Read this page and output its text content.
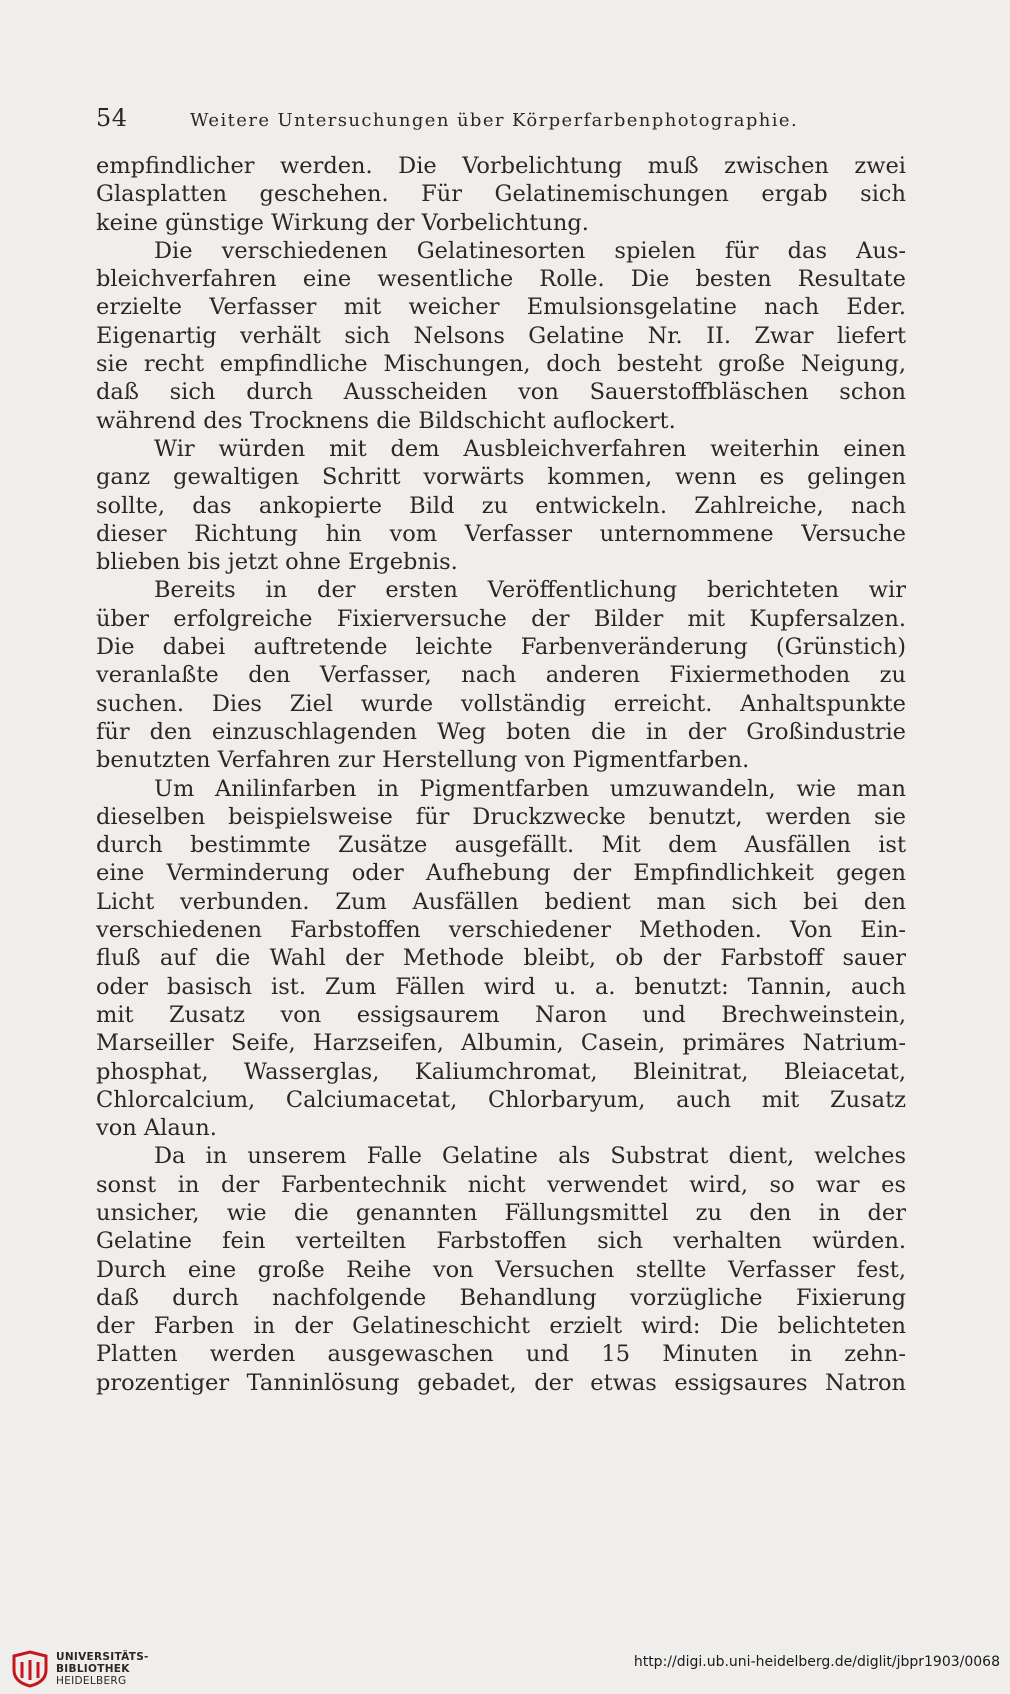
54	Weitere Untersuchungen über Körperfarbenphotographie.
empfindlicher werden. Die Vorbelichtung muß zwischen zwei
Glasplatten geschehen. Für Gelatinemischungen ergab sich
keine günstige Wirkung der Vorbelichtung.
Die verschiedenen Gelatinesorten spielen für das Aus-
bleichverfahren eine wesentliche Rolle. Die besten Resultate
erzielte Verfasser mit weicher Emulsionsgelatine nach Eder.
Eigenartig verhält sich Nelsons Gelatine Nr. II. Zwar liefert
sie recht empfindliche Mischungen, doch besteht große Neigung,
daß sich durch Ausscheiden von Sauerstoffbläschen schon
während des Trocknens die Bildschicht auflockert.
Wir würden mit dem Ausbleichverfahren weiterhin einen
ganz gewaltigen Schritt vorwärts kommen, wenn es gelingen
sollte, das ankopierte Bild zu entwickeln. Zahlreiche, nach
dieser Richtung hin vom Verfasser unternommene Versuche
blieben bis jetzt ohne Ergebnis.
Bereits in der ersten Veröffentlichung berichteten wir
über erfolgreiche Fixierversuche der Bilder mit Kupfersalzen.
Die dabei auftretende leichte Farbenveränderung (Grünstich)
veranlaßte den Verfasser, nach anderen Fixiermethoden zu
suchen. Dies Ziel wurde vollständig erreicht. Anhaltspunkte
für den einzuschlagenden Weg boten die in der Großindustrie
benutzten Verfahren zur Herstellung von Pigmentfarben.
Um Anilinfarben in Pigmentfarben umzuwandeln, wie man
dieselben beispielsweise für Druckzwecke benutzt, werden sie
durch bestimmte Zusätze ausgefällt. Mit dem Ausfällen ist
eine Verminderung oder Aufhebung der Empfindlichkeit gegen
Licht verbunden. Zum Ausfällen bedient man sich bei den
verschiedenen Farbstoffen verschiedener Methoden. Von Ein-
fluß auf die Wahl der Methode bleibt, ob der Farbstoff sauer
oder basisch ist. Zum Fällen wird u. a. benutzt: Tannin, auch
mit Zusatz von essigsaurem Naron und Brechweinstein,
Marseiller Seife, Harzseifen, Albumin, Casein, primäres Natrium-
phosphat, Wasserglas, Kaliumchromat, Bleinitrat, Bleiacetat,
Chlorcalcium, Calciumacetat, Chlorbaryum, auch mit Zusatz
von Alaun.
Da in unserem Falle Gelatine als Substrat dient, welches
sonst in der Farbentechnik nicht verwendet wird, so war es
unsicher, wie die genannten Fällungsmittel zu den in der
Gelatine fein verteilten Farbstoffen sich verhalten würden.
Durch eine große Reihe von Versuchen stellte Verfasser fest,
daß durch nachfolgende Behandlung vorzügliche Fixierung
der Farben in der Gelatineschicht erzielt wird: Die belichteten
Platten werden ausgewaschen und 15 Minuten in zehn-
prozentiger Tanninlösung gebadet, der etwas essigsaures Natron
UNIVERSITÄTS-
BIBLIOTHEK
HEIDELBERG
http://digi.ub.uni-heidelberg.de/diglit/jbpr1903/0068
